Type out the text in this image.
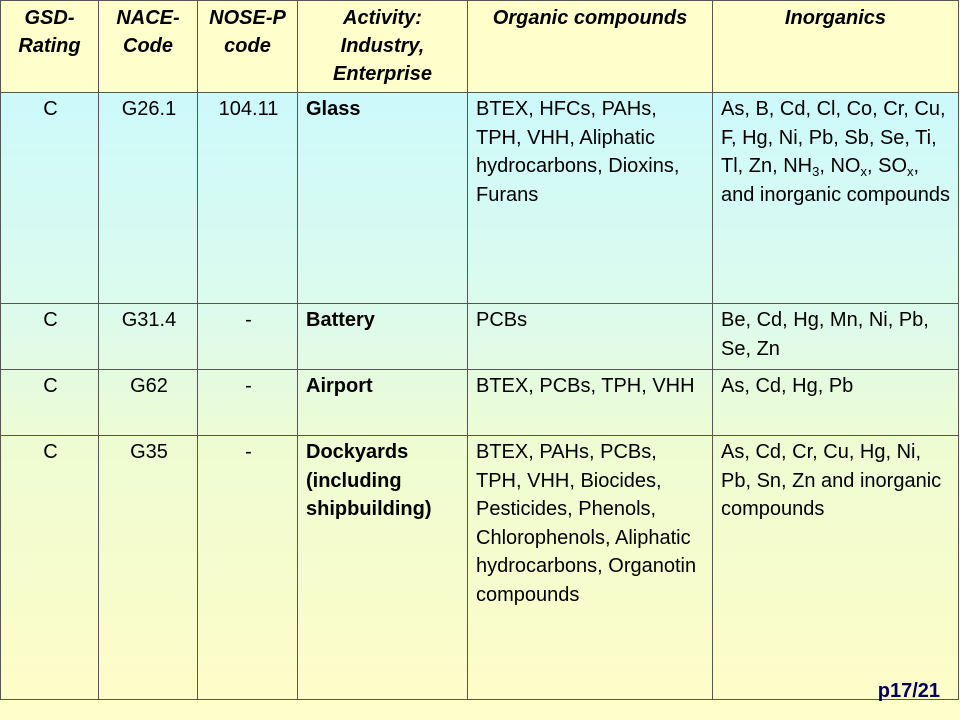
GSD-Rating	NACE-Code	NOSE-P code	Activity: Industry, Enterprise	Organic compounds	Inorganics
C	G26.1	104.11	Glass	BTEX, HFCs, PAHs, TPH, VHH, Aliphatic hydrocarbons, Dioxins, Furans	As, B, Cd, Cl, Co, Cr, Cu, F, Hg, Ni, Pb, Sb, Se, Ti, Tl, Zn, $NH_3$, $NO_x$, $SO_x$, and inorganic compounds
C	G31.4	-	Battery	PCBs	Be, Cd, Hg, Mn, Ni, Pb, Se, Zn
C	G62	-	Airport	BTEX, PCBs, TPH, VHH	As, Cd, Hg, Pb
C	G35	-	Dockyards (including shipbuilding)	BTEX, PAHs, PCBs, TPH, VHH, Biocides, Pesticides, Phenols, Chlorophenols, Aliphatic hydrocarbons, Organotin compounds	As, Cd, Cr, Cu, Hg, Ni, Pb, Sn, Zn and inorganic compounds
p17/21
